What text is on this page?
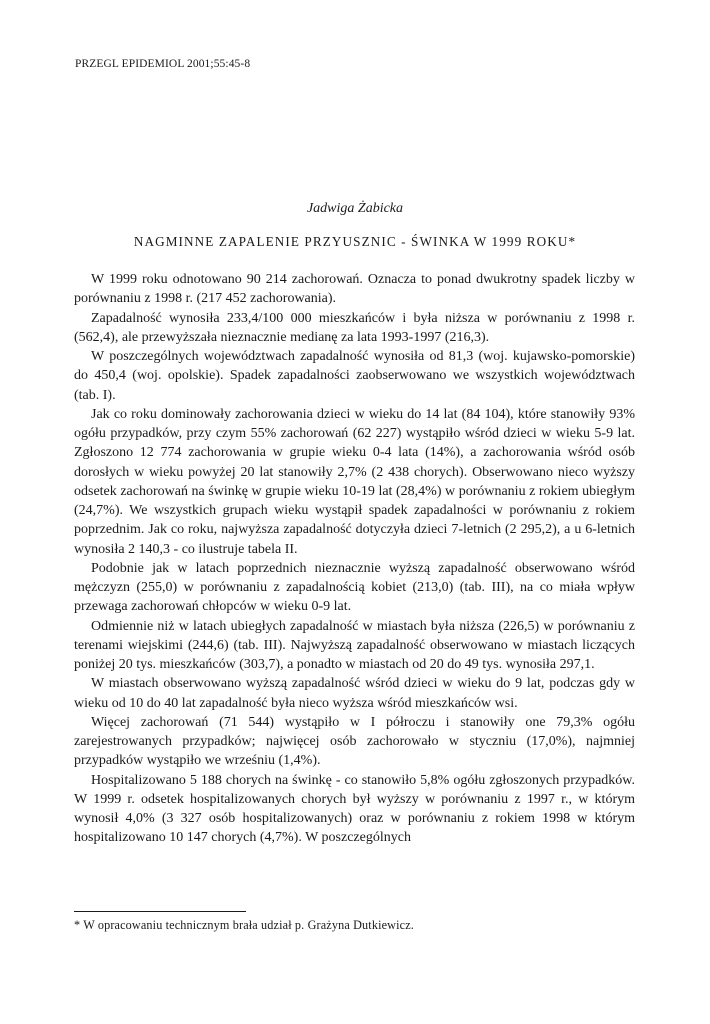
PRZEGL EPIDEMIOL 2001;55:45-8
Jadwiga Żabicka
NAGMINNE ZAPALENIE PRZYUSZNIC - ŚWINKA W 1999 ROKU*

W 1999 roku odnotowano 90 214 zachorowań. Oznacza to ponad dwukrotny spadek liczby w porównaniu z 1998 r. (217 452 zachorowania).

Zapadalność wynosiła 233,4/100 000 mieszkańców i była niższa w porównaniu z 1998 r. (562,4), ale przewyższała nieznacznie medianę za lata 1993-1997 (216,3).

W poszczególnych województwach zapadalność wynosiła od 81,3 (woj. kujawsko-pomorskie) do 450,4 (woj. opolskie). Spadek zapadalności zaobserwowano we wszystkich województwach (tab. I).

Jak co roku dominowały zachorowania dzieci w wieku do 14 lat (84 104), które stanowiły 93% ogółu przypadków, przy czym 55% zachorowań (62 227) wystąpiło wśród dzieci w wieku 5-9 lat. Zgłoszono 12 774 zachorowania w grupie wieku 0-4 lata (14%), a zachorowania wśród osób dorosłych w wieku powyżej 20 lat stanowiły 2,7% (2 438 chorych). Obserwowano nieco wyższy odsetek zachorowań na świnkę w grupie wieku 10-19 lat (28,4%) w porównaniu z rokiem ubiegłym (24,7%). We wszystkich grupach wieku wystąpił spadek zapadalności w porównaniu z rokiem poprzednim. Jak co roku, najwyższa zapadalność dotyczyła dzieci 7-letnich (2 295,2), a u 6-letnich wynosiła 2 140,3 - co ilustruje tabela II.

Podobnie jak w latach poprzednich nieznacznie wyższą zapadalność obserwowano wśród mężczyzn (255,0) w porównaniu z zapadalnością kobiet (213,0) (tab. III), na co miała wpływ przewaga zachorowań chłopców w wieku 0-9 lat.

Odmiennie niż w latach ubiegłych zapadalność w miastach była niższa (226,5) w porównaniu z terenami wiejskimi (244,6) (tab. III). Najwyższą zapadalność obserwowano w miastach liczących poniżej 20 tys. mieszkańców (303,7), a ponadto w miastach od 20 do 49 tys. wynosiła 297,1.

W miastach obserwowano wyższą zapadalność wśród dzieci w wieku do 9 lat, podczas gdy w wieku od 10 do 40 lat zapadalność była nieco wyższa wśród mieszkańców wsi.

Więcej zachorowań (71 544) wystąpiło w I półroczu i stanowiły one 79,3% ogółu zarejestrowanych przypadków; najwięcej osób zachorowało w styczniu (17,0%), najmniej przypadków wystąpiło we wrześniu (1,4%).

Hospitalizowano 5 188 chorych na świnkę - co stanowiło 5,8% ogółu zgłoszonych przypadków. W 1999 r. odsetek hospitalizowanych chorych był wyższy w porównaniu z 1997 r., w którym wynosił 4,0% (3 327 osób hospitalizowanych) oraz w porównaniu z rokiem 1998 w którym hospitalizowano 10 147 chorych (4,7%). W poszczególnych

* W opracowaniu technicznym brała udział p. Grażyna Dutkiewicz.
